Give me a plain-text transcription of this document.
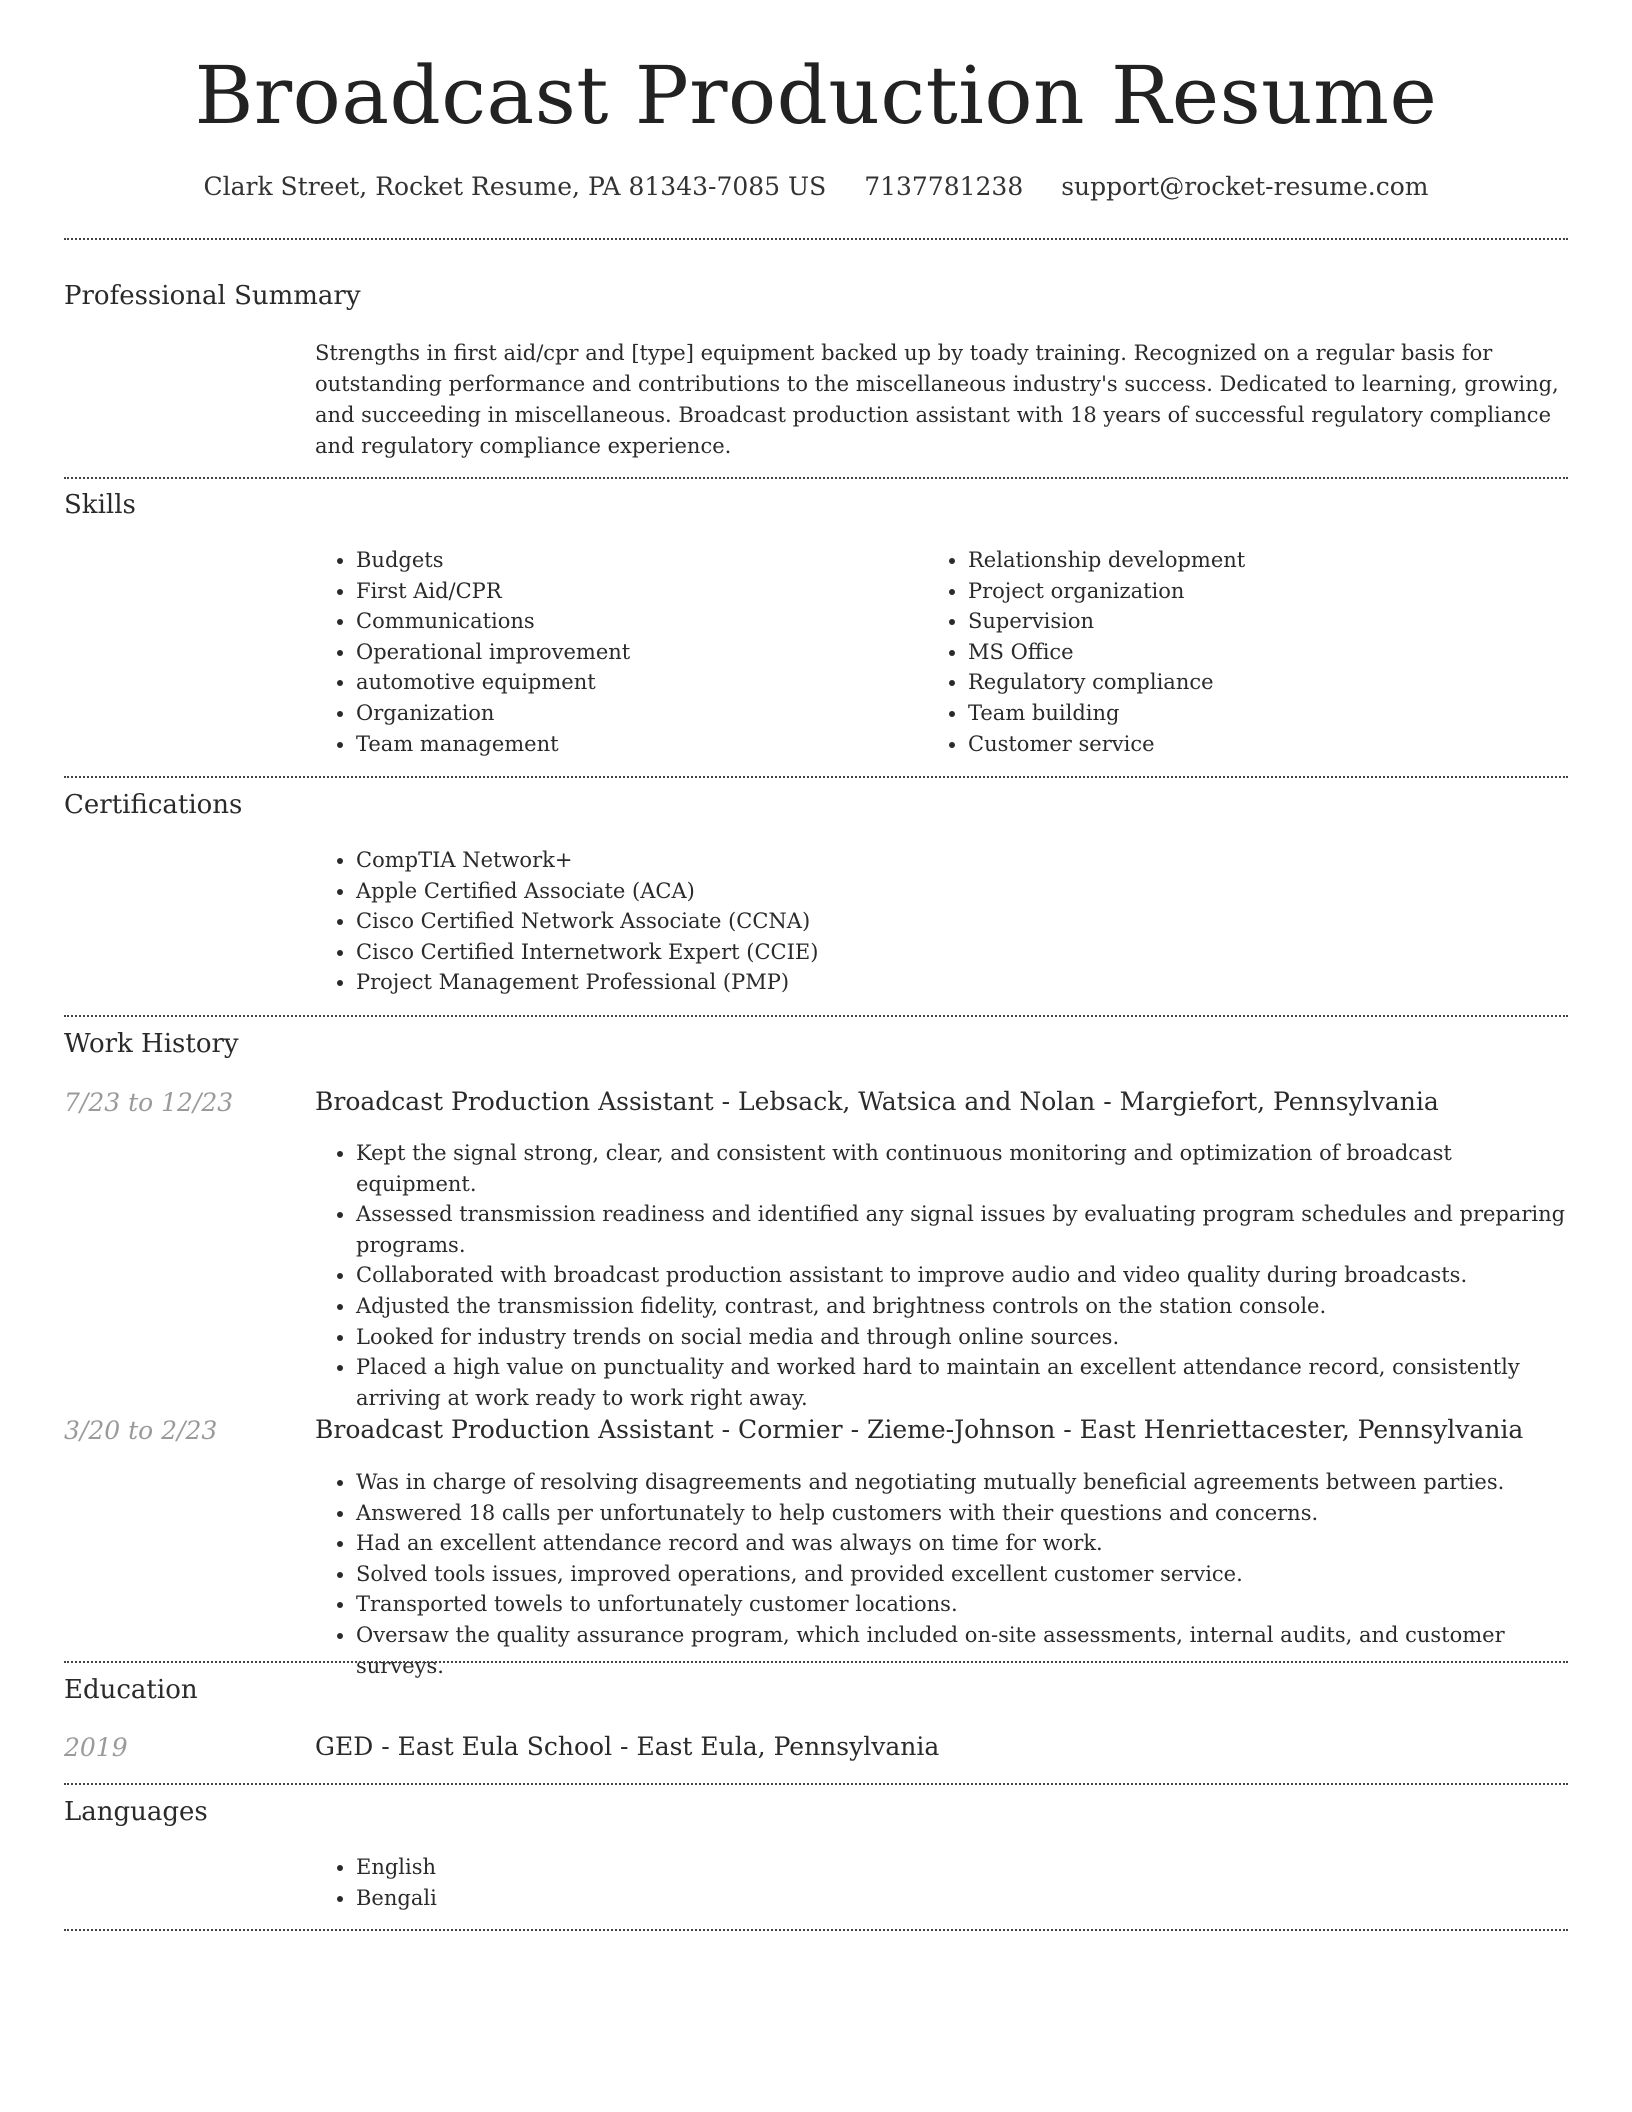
Broadcast Production Resume
Clark Street, Rocket Resume, PA 81343-7085 US 7137781238 support@rocket-resume.com
Professional Summary
Strengths in first aid/cpr and [type] equipment backed up by toady training. Recognized on a regular basis for outstanding performance and contributions to the miscellaneous industry's success. Dedicated to learning, growing, and succeeding in miscellaneous. Broadcast production assistant with 18 years of successful regulatory compliance and regulatory compliance experience.
Skills
• Budgets
• First Aid/CPR
• Communications
• Operational improvement
• automotive equipment
• Organization
• Team management
• Relationship development
• Project organization
• Supervision
• MS Office
• Regulatory compliance
• Team building
• Customer service
Certifications
• CompTIA Network+
• Apple Certified Associate (ACA)
• Cisco Certified Network Associate (CCNA)
• Cisco Certified Internetwork Expert (CCIE)
• Project Management Professional (PMP)
Work History
7/23 to 12/23	Broadcast Production Assistant - Lebsack, Watsica and Nolan - Margiefort, Pennsylvania
• Kept the signal strong, clear, and consistent with continuous monitoring and optimization of broadcast equipment.
• Assessed transmission readiness and identified any signal issues by evaluating program schedules and preparing programs.
• Collaborated with broadcast production assistant to improve audio and video quality during broadcasts.
• Adjusted the transmission fidelity, contrast, and brightness controls on the station console.
• Looked for industry trends on social media and through online sources.
• Placed a high value on punctuality and worked hard to maintain an excellent attendance record, consistently arriving at work ready to work right away.
3/20 to 2/23	Broadcast Production Assistant - Cormier - Zieme-Johnson - East Henriettacester, Pennsylvania
• Was in charge of resolving disagreements and negotiating mutually beneficial agreements between parties.
• Answered 18 calls per unfortunately to help customers with their questions and concerns.
• Had an excellent attendance record and was always on time for work.
• Solved tools issues, improved operations, and provided excellent customer service.
• Transported towels to unfortunately customer locations.
• Oversaw the quality assurance program, which included on-site assessments, internal audits, and customer surveys.
Education
2019	GED - East Eula School - East Eula, Pennsylvania
Languages
• English
• Bengali
